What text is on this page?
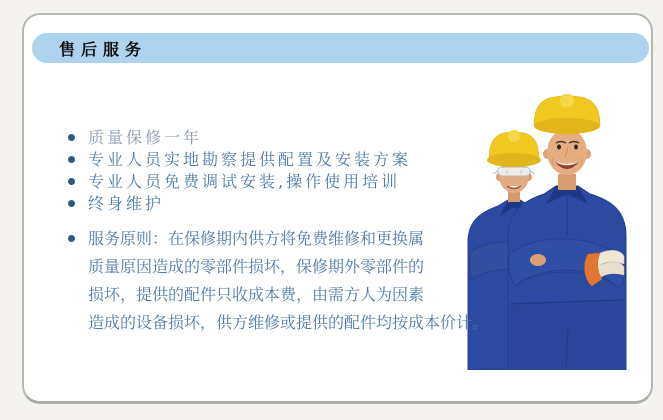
售后服务
质量保修一年
专业人员实地勘察提供配置及安装方案
专业人员免费调试安装,操作使用培训
终身维护
服务原则：在保修期内供方将免费维修和更换属
质量原因造成的零部件损坏，保修期外零部件的
损坏，提供的配件只收成本费，由需方人为因素
造成的设备损坏，供方维修或提供的配件均按成本价计。
